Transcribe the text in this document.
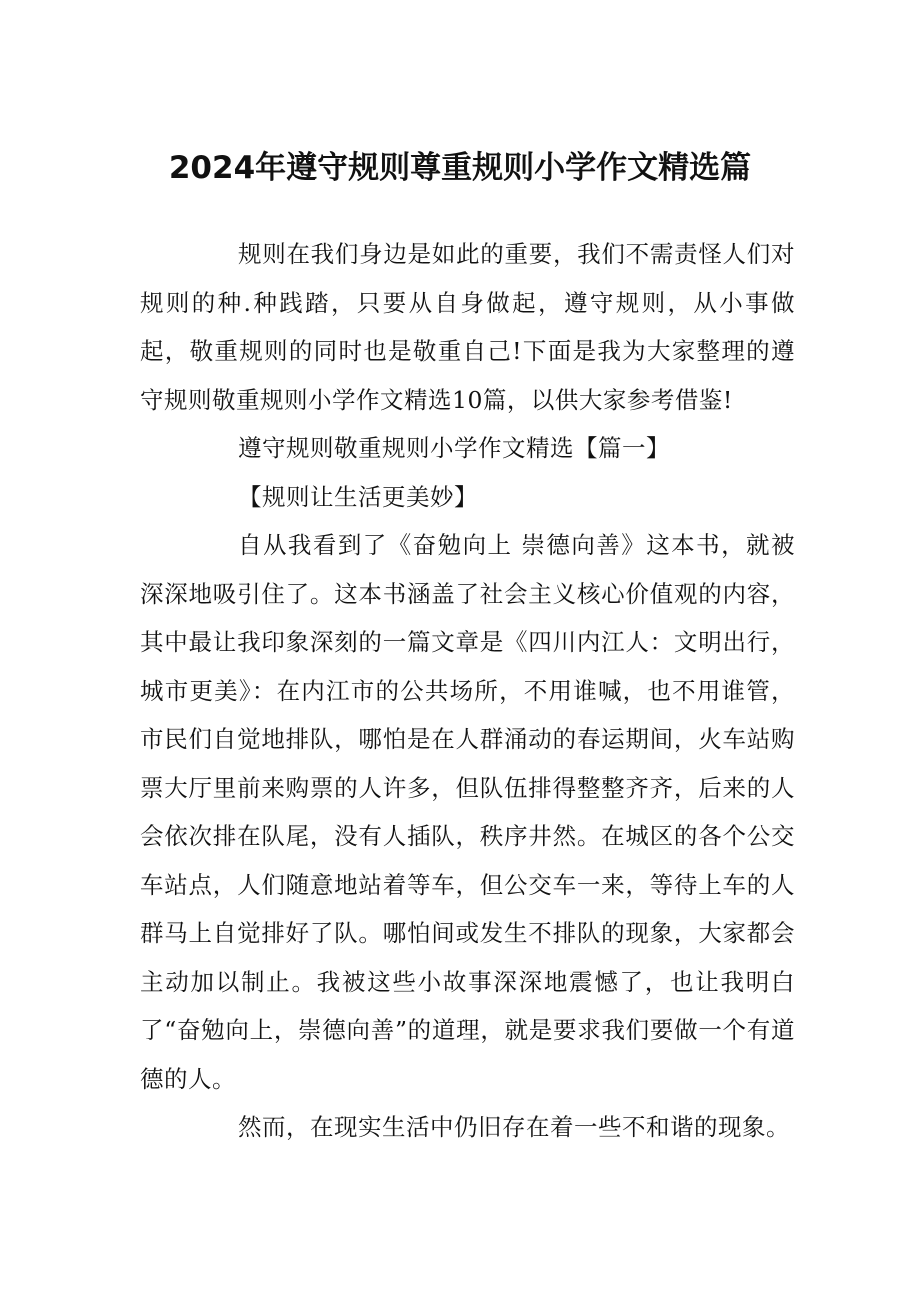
2024年遵守规则尊重规则小学作文精选篇

规则在我们身边是如此的重要，我们不需责怪人们对规则的种.种践踏，只要从自身做起，遵守规则，从小事做起，敬重规则的同时也是敬重自己!下面是我为大家整理的遵守规则敬重规则小学作文精选10篇，以供大家参考借鉴!

遵守规则敬重规则小学作文精选【篇一】

【规则让生活更美妙】

自从我看到了《奋勉向上 崇德向善》这本书，就被深深地吸引住了。这本书涵盖了社会主义核心价值观的内容，其中最让我印象深刻的一篇文章是《四川内江人：文明出行，城市更美》：在内江市的公共场所，不用谁喊，也不用谁管，市民们自觉地排队，哪怕是在人群涌动的春运期间，火车站购票大厅里前来购票的人许多，但队伍排得整整齐齐，后来的人会依次排在队尾，没有人插队，秩序井然。在城区的各个公交车站点，人们随意地站着等车，但公交车一来，等待上车的人群马上自觉排好了队。哪怕间或发生不排队的现象，大家都会主动加以制止。我被这些小故事深深地震憾了，也让我明白了“奋勉向上，崇德向善”的道理，就是要求我们要做一个有道德的人。

然而，在现实生活中仍旧存在着一些不和谐的现象。
